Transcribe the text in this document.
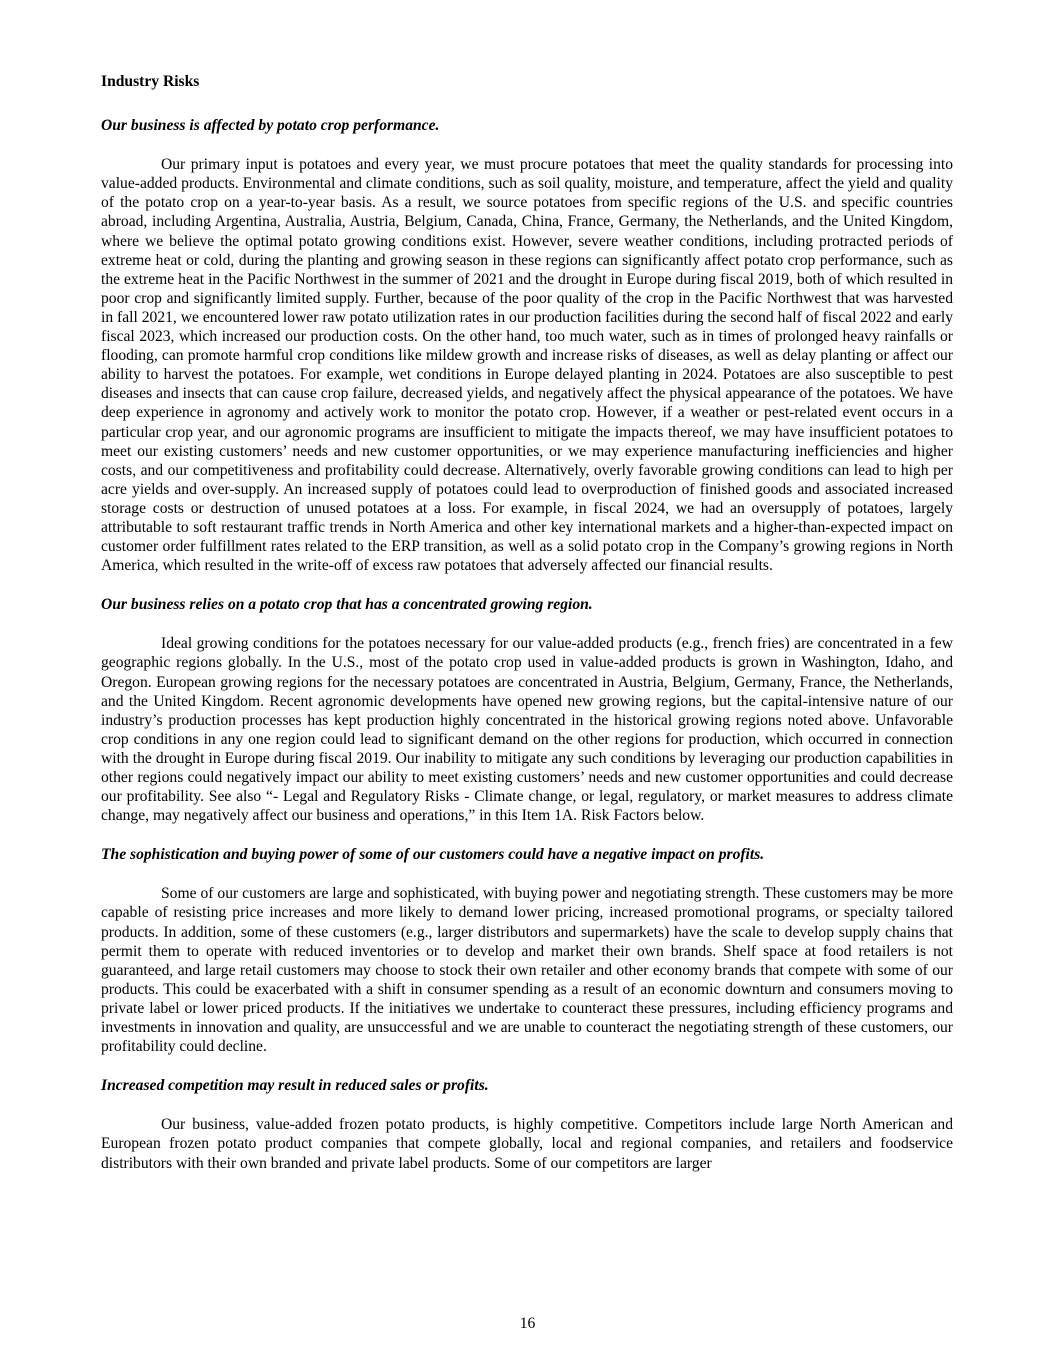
Industry Risks
Our business is affected by potato crop performance.

Our primary input is potatoes and every year, we must procure potatoes that meet the quality standards for processing into value-added products. Environmental and climate conditions, such as soil quality, moisture, and temperature, affect the yield and quality of the potato crop on a year-to-year basis. As a result, we source potatoes from specific regions of the U.S. and specific countries abroad, including Argentina, Australia, Austria, Belgium, Canada, China, France, Germany, the Netherlands, and the United Kingdom, where we believe the optimal potato growing conditions exist. However, severe weather conditions, including protracted periods of extreme heat or cold, during the planting and growing season in these regions can significantly affect potato crop performance, such as the extreme heat in the Pacific Northwest in the summer of 2021 and the drought in Europe during fiscal 2019, both of which resulted in poor crop and significantly limited supply. Further, because of the poor quality of the crop in the Pacific Northwest that was harvested in fall 2021, we encountered lower raw potato utilization rates in our production facilities during the second half of fiscal 2022 and early fiscal 2023, which increased our production costs. On the other hand, too much water, such as in times of prolonged heavy rainfalls or flooding, can promote harmful crop conditions like mildew growth and increase risks of diseases, as well as delay planting or affect our ability to harvest the potatoes. For example, wet conditions in Europe delayed planting in 2024. Potatoes are also susceptible to pest diseases and insects that can cause crop failure, decreased yields, and negatively affect the physical appearance of the potatoes. We have deep experience in agronomy and actively work to monitor the potato crop. However, if a weather or pest-related event occurs in a particular crop year, and our agronomic programs are insufficient to mitigate the impacts thereof, we may have insufficient potatoes to meet our existing customers’ needs and new customer opportunities, or we may experience manufacturing inefficiencies and higher costs, and our competitiveness and profitability could decrease. Alternatively, overly favorable growing conditions can lead to high per acre yields and over-supply. An increased supply of potatoes could lead to overproduction of finished goods and associated increased storage costs or destruction of unused potatoes at a loss. For example, in fiscal 2024, we had an oversupply of potatoes, largely attributable to soft restaurant traffic trends in North America and other key international markets and a higher-than-expected impact on customer order fulfillment rates related to the ERP transition, as well as a solid potato crop in the Company’s growing regions in North America, which resulted in the write-off of excess raw potatoes that adversely affected our financial results.

Our business relies on a potato crop that has a concentrated growing region.

Ideal growing conditions for the potatoes necessary for our value-added products (e.g., french fries) are concentrated in a few geographic regions globally. In the U.S., most of the potato crop used in value-added products is grown in Washington, Idaho, and Oregon. European growing regions for the necessary potatoes are concentrated in Austria, Belgium, Germany, France, the Netherlands, and the United Kingdom. Recent agronomic developments have opened new growing regions, but the capital-intensive nature of our industry’s production processes has kept production highly concentrated in the historical growing regions noted above. Unfavorable crop conditions in any one region could lead to significant demand on the other regions for production, which occurred in connection with the drought in Europe during fiscal 2019. Our inability to mitigate any such conditions by leveraging our production capabilities in other regions could negatively impact our ability to meet existing customers’ needs and new customer opportunities and could decrease our profitability. See also “- Legal and Regulatory Risks - Climate change, or legal, regulatory, or market measures to address climate change, may negatively affect our business and operations,” in this Item 1A. Risk Factors below.

The sophistication and buying power of some of our customers could have a negative impact on profits.

Some of our customers are large and sophisticated, with buying power and negotiating strength. These customers may be more capable of resisting price increases and more likely to demand lower pricing, increased promotional programs, or specialty tailored products. In addition, some of these customers (e.g., larger distributors and supermarkets) have the scale to develop supply chains that permit them to operate with reduced inventories or to develop and market their own brands. Shelf space at food retailers is not guaranteed, and large retail customers may choose to stock their own retailer and other economy brands that compete with some of our products. This could be exacerbated with a shift in consumer spending as a result of an economic downturn and consumers moving to private label or lower priced products. If the initiatives we undertake to counteract these pressures, including efficiency programs and investments in innovation and quality, are unsuccessful and we are unable to counteract the negotiating strength of these customers, our profitability could decline.

Increased competition may result in reduced sales or profits.

Our business, value-added frozen potato products, is highly competitive. Competitors include large North American and European frozen potato product companies that compete globally, local and regional companies, and retailers and foodservice distributors with their own branded and private label products. Some of our competitors are larger

16
